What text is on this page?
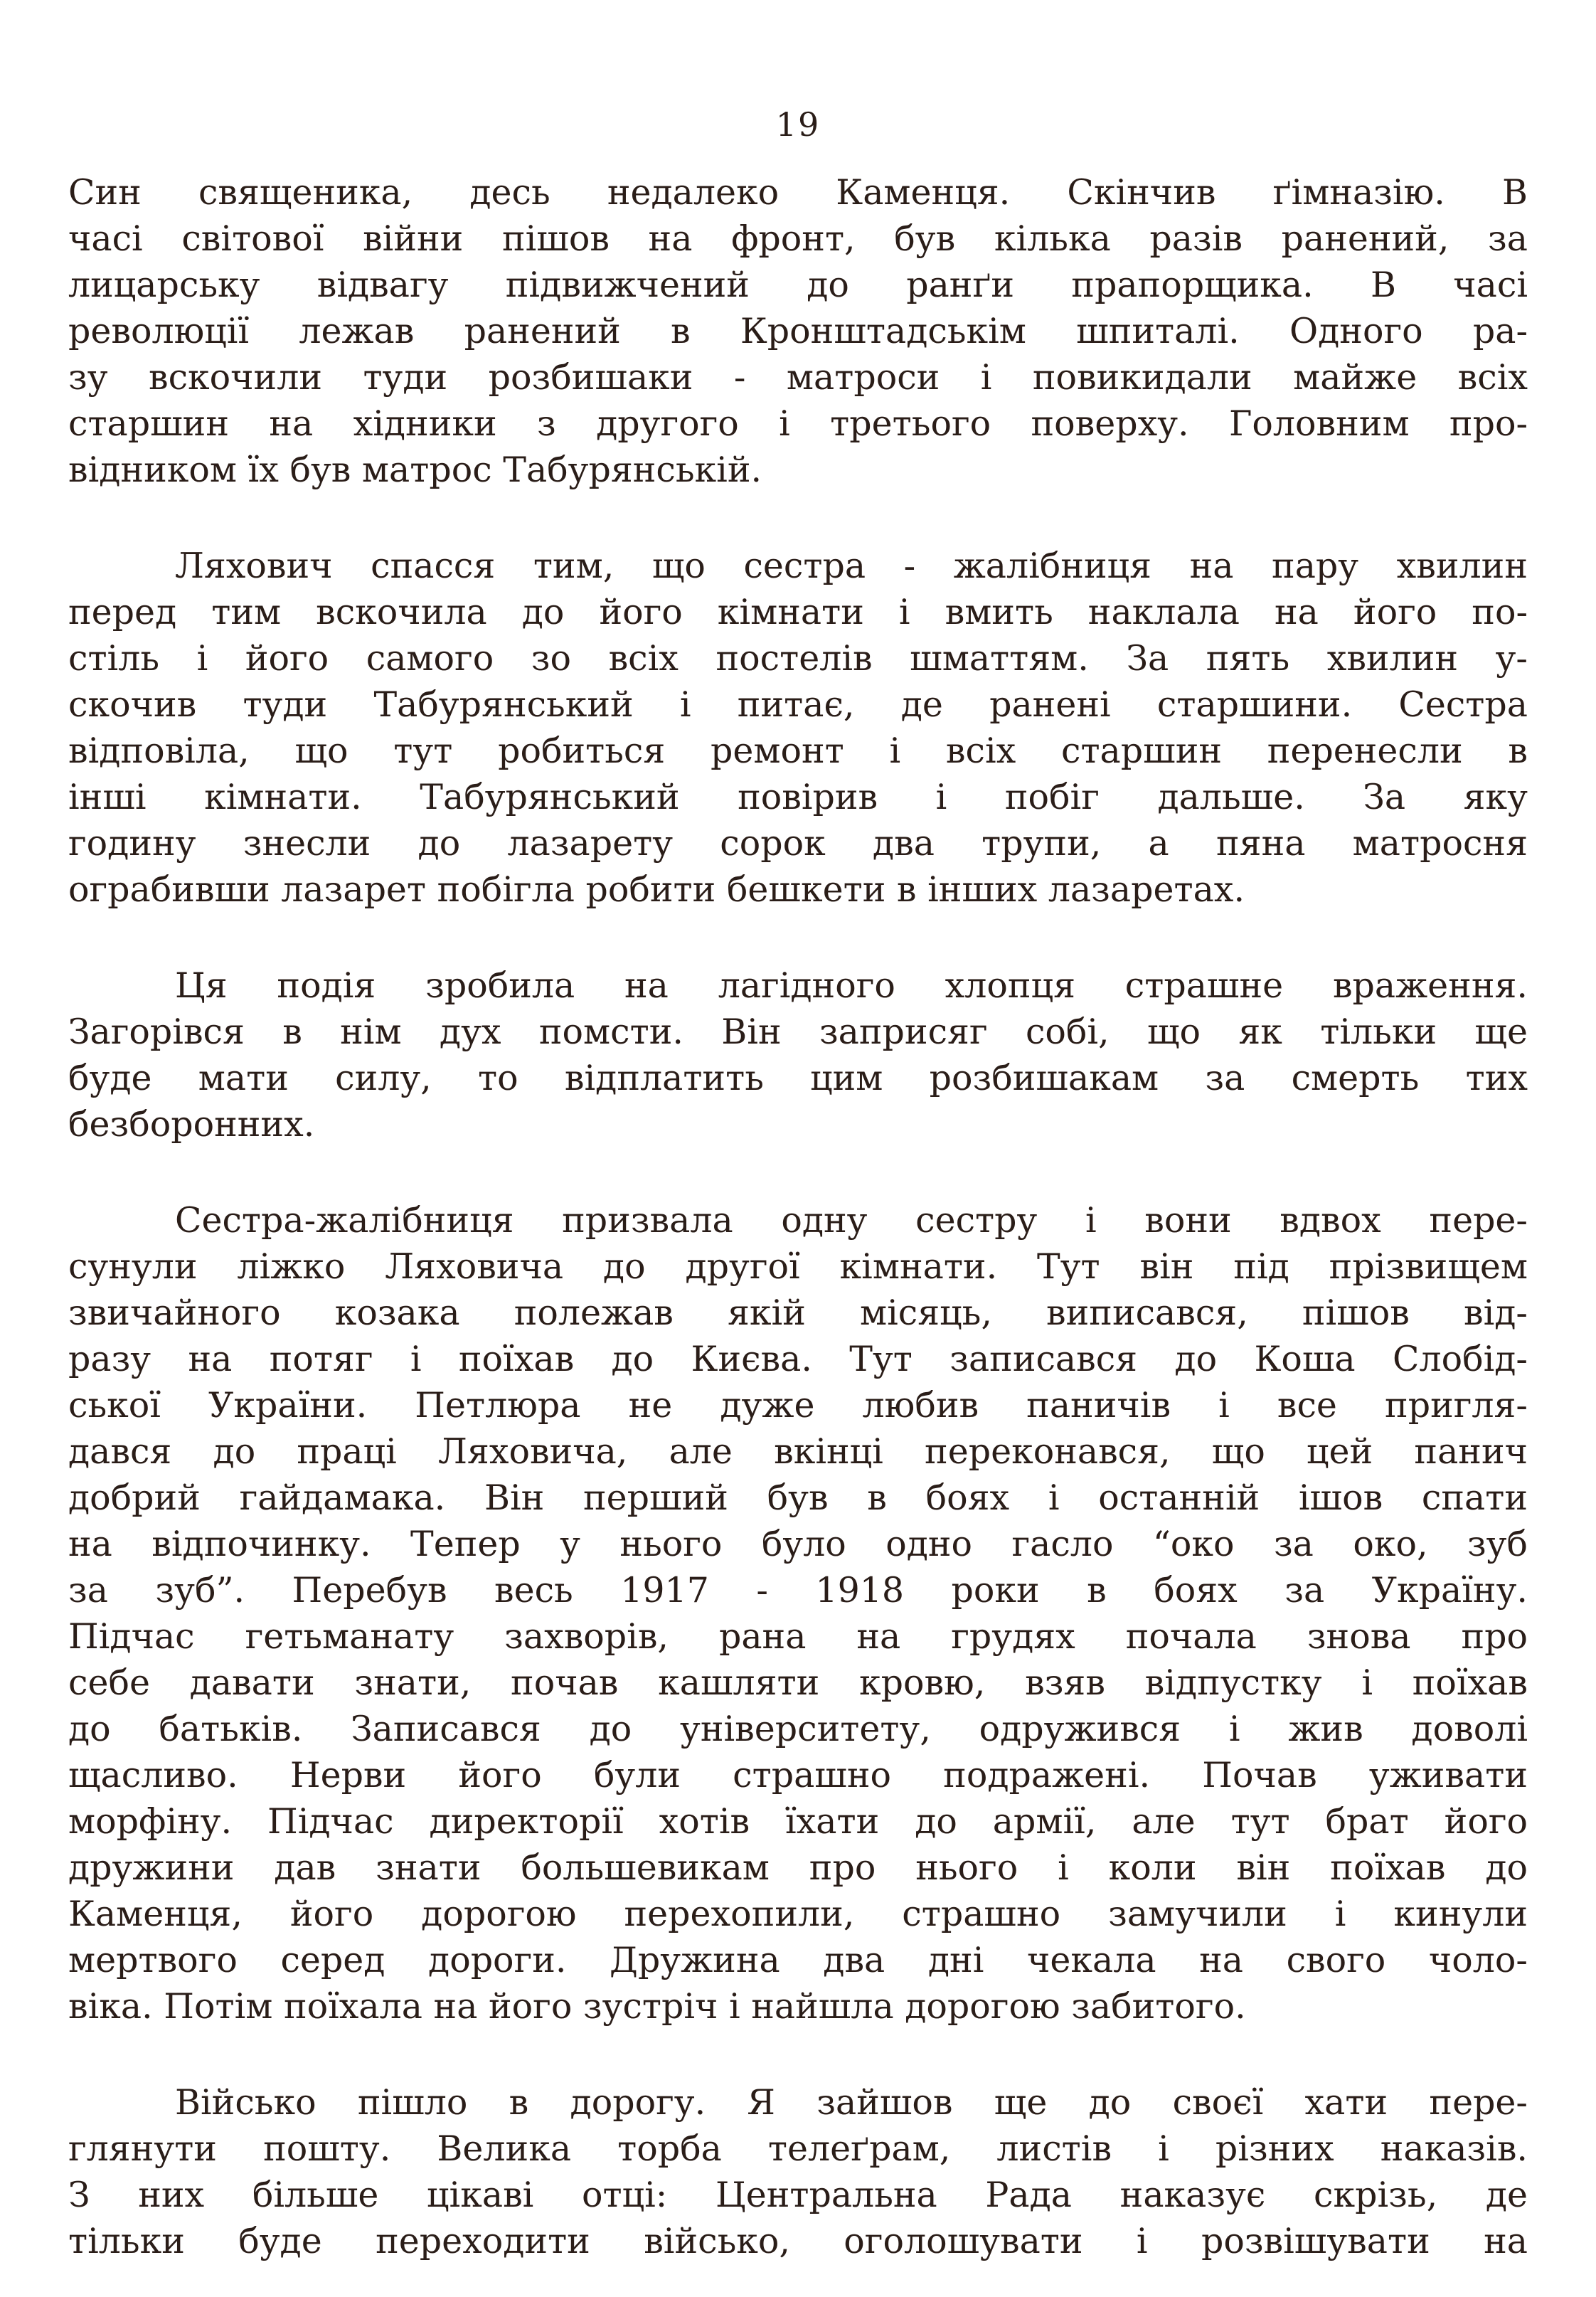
19
Син священика, десь недалеко Каменця. Скінчив ґімназію. В
часі світової війни пішов на фронт, був кілька разів ранений, за
лицарську відвагу підвижчений до ранґи прапорщика. В часі
революції лежав ранений в Кронштадськім шпиталі. Одного ра-
зу вскочили туди розбишаки - матроси і повикидали майже всіх
старшин на хідники з другого і третього поверху. Головним про-
відником їх був матрос Табурянській.
Ляхович спасся тим, що сестра - жалібниця на пару хвилин
перед тим вскочила до його кімнати і вмить наклала на його по-
стіль і його самого зо всіх постелів шматтям. За пять хвилин у-
скочив туди Табурянський і питає, де ранені старшини. Сестра
відповіла, що тут робиться ремонт і всіх старшин перенесли в
інші кімнати. Табурянський повірив і побіг дальше. За яку
годину знесли до лазарету сорок два трупи, а пяна матросня
ограбивши лазарет побігла робити бешкети в інших лазаретах.
Ця подія зробила на лагідного хлопця страшне враження.
Загорівся в нім дух помсти. Він заприсяг собі, що як тільки ще
буде мати силу, то відплатить цим розбишакам за смерть тих
безборонних.
Сестра-жалібниця призвала одну сестру і вони вдвох пере-
сунули ліжко Ляховича до другої кімнати. Тут він під прізвищем
звичайного козака полежав якій місяць, виписався, пішов від-
разу на потяг і поїхав до Києва. Тут записався до Коша Слобід-
ської України. Петлюра не дуже любив паничів і все пригля-
дався до праці Ляховича, але вкінці переконався, що цей панич
добрий гайдамака. Він перший був в боях і останній ішов спати
на відпочинку. Тепер у нього було одно гасло “око за око, зуб
за зуб”. Перебув весь 1917 - 1918 роки в боях за Україну.
Підчас гетьманату захворів, рана на грудях почала знова про
себе давати знати, почав кашляти кровю, взяв відпустку і поїхав
до батьків. Записався до університету, одружився і жив доволі
щасливо. Нерви його були страшно подражені. Почав уживати
морфіну. Підчас директорії хотів їхати до армії, але тут брат його
дружини дав знати большевикам про нього і коли він поїхав до
Каменця, його дорогою перехопили, страшно замучили і кинули
мертвого серед дороги. Дружина два дні чекала на свого чоло-
віка. Потім поїхала на його зустріч і найшла дорогою забитого.
Військо пішло в дорогу. Я зайшов ще до своєї хати пере-
глянути пошту. Велика торба телеґрам, листів і різних наказів.
З них більше цікаві отці: Центральна Рада наказує скрізь, де
тільки буде переходити військо, оголошувати і розвішувати на
